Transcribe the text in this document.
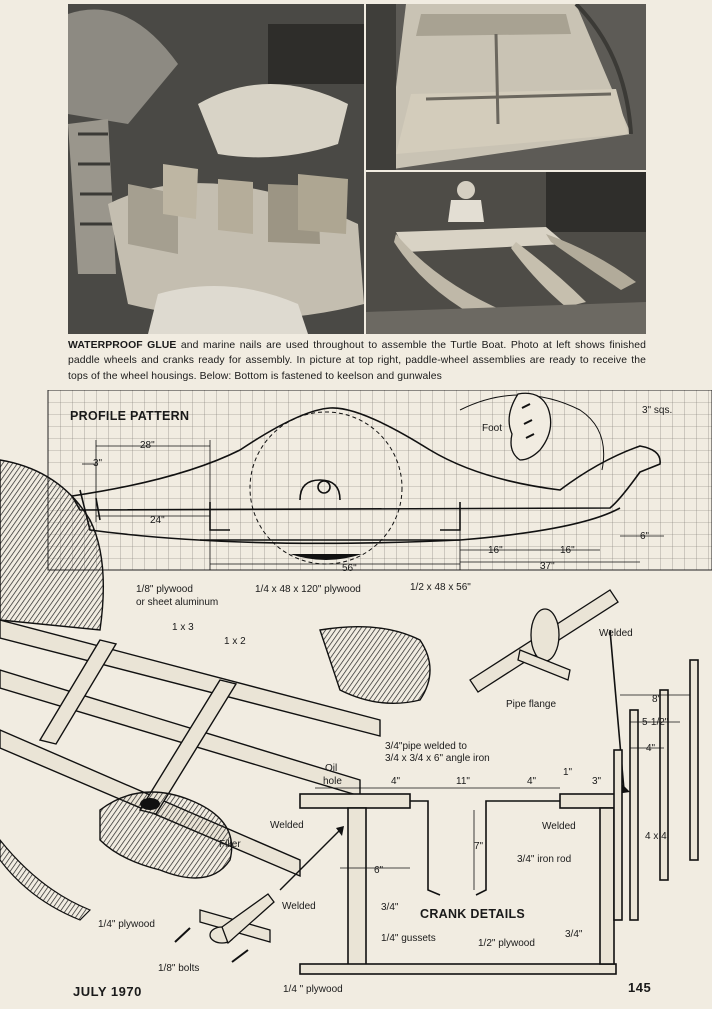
WATERPROOF GLUE and marine nails are used throughout to assemble the Turtle Boat. Photo at left shows finished paddle wheels and cranks ready for assembly. In picture at top right, paddle-wheel assemblies are ready to receive the tops of the wheel housings. Below: Bottom is fastened to keelson and gunwales
PROFILE PATTERN	3" sqs.
Foot
28"
3"
24"
56"
16"	16"
37"
6"
1/8" plywood
or sheet aluminum
1/4 x 48 x 120" plywood	1/2 x 48 x 56"
1 x 3
1 x 2
Welded
Pipe flange
Filler
1/4" plywood
Welded
1/8" bolts
3/4"pipe welded to
3/4 x 3/4 x 6" angle iron
Oil
hole	4"	11"	4"
1"
3"
8"
5-1/2"
4"
Welded	Welded
7"
3/4" iron rod
4 x 4
6"
3/4" CRANK DETAILS
1/4" gussets	3/4"
1/2" plywood
1/4 " plywood
JULY 1970	145
